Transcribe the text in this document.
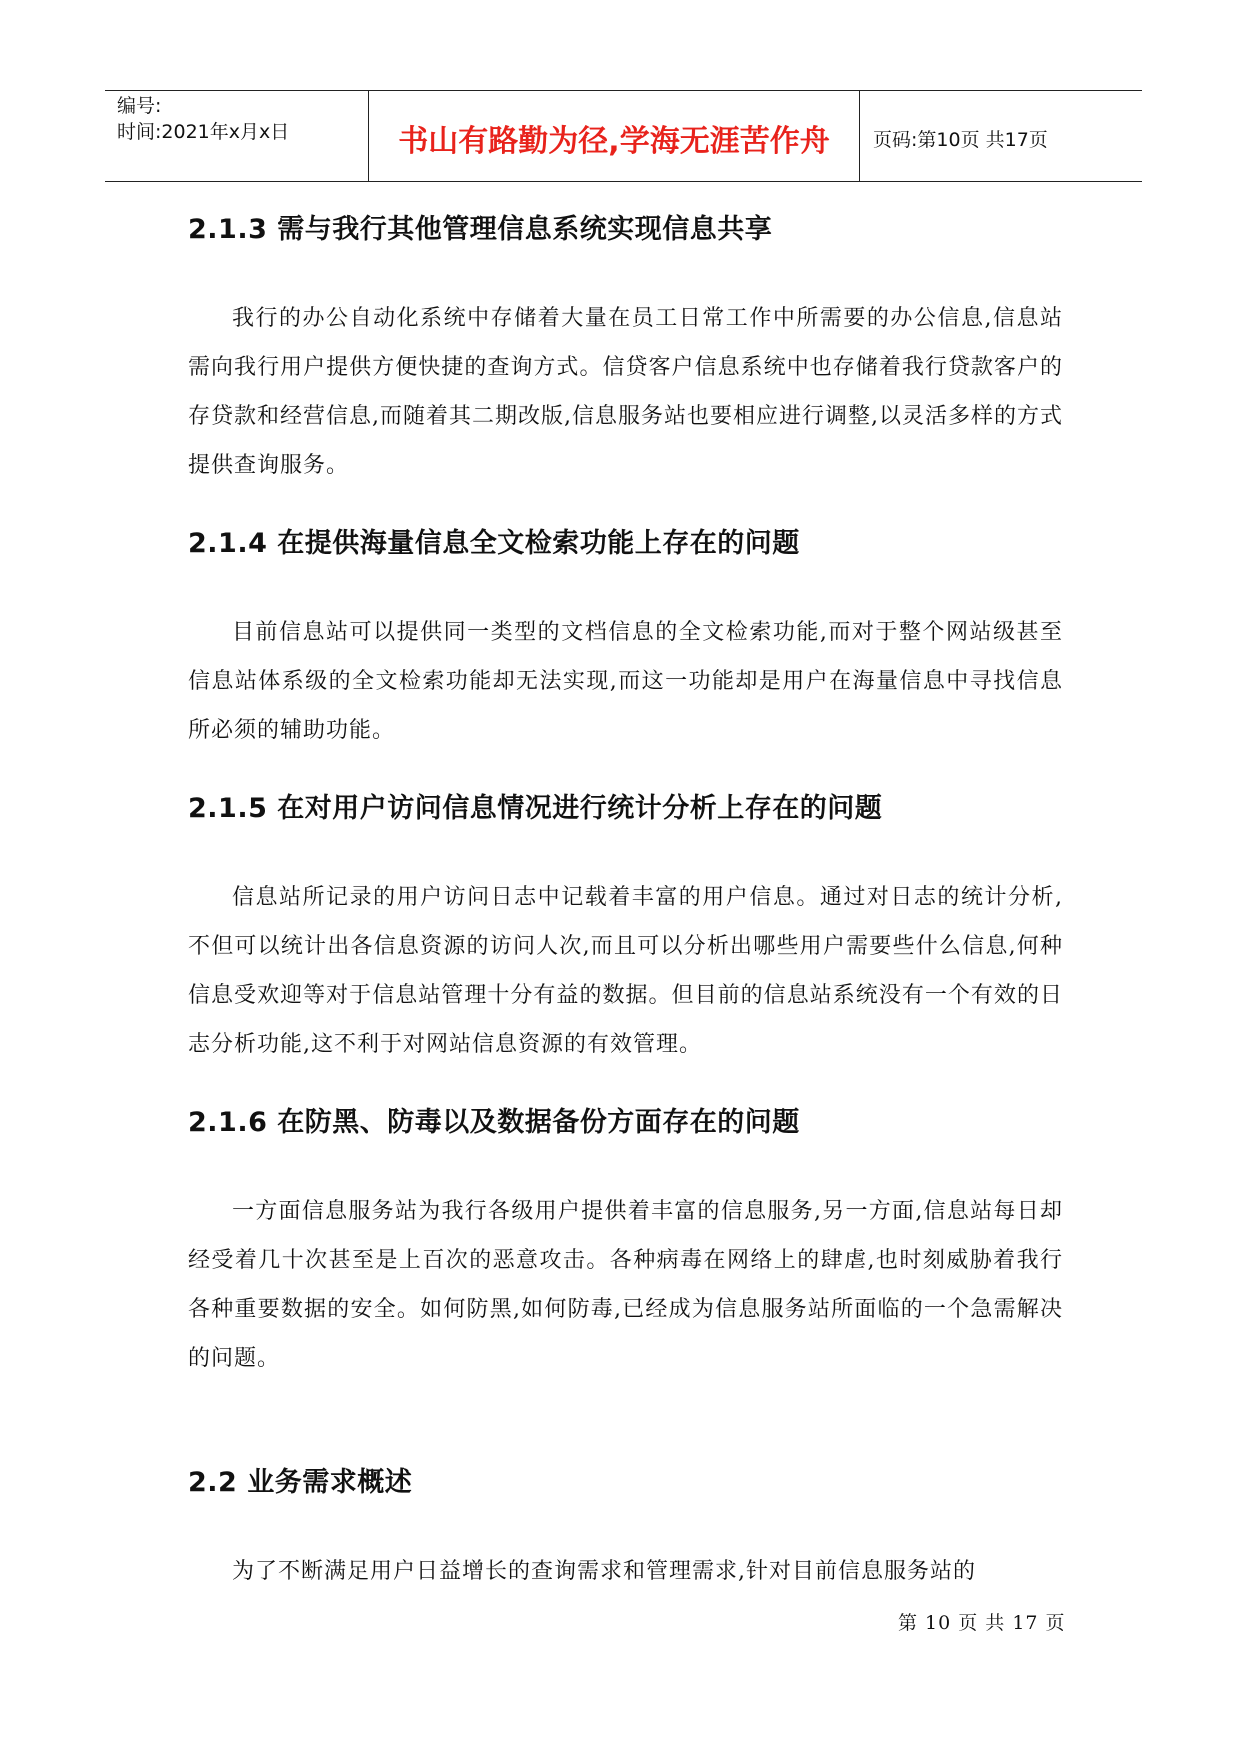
编号:
时间:2021年x月x日	书山有路勤为径,学海无涯苦作舟	页码:第10页 共17页
2.1.3 需与我行其他管理信息系统实现信息共享

我行的办公自动化系统中存储着大量在员工日常工作中所需要的办公信息,信息站需向我行用户提供方便快捷的查询方式。信贷客户信息系统中也存储着我行贷款客户的存贷款和经营信息,而随着其二期改版,信息服务站也要相应进行调整,以灵活多样的方式提供查询服务。

2.1.4 在提供海量信息全文检索功能上存在的问题

目前信息站可以提供同一类型的文档信息的全文检索功能,而对于整个网站级甚至信息站体系级的全文检索功能却无法实现,而这一功能却是用户在海量信息中寻找信息所必须的辅助功能。

2.1.5 在对用户访问信息情况进行统计分析上存在的问题

信息站所记录的用户访问日志中记载着丰富的用户信息。通过对日志的统计分析,不但可以统计出各信息资源的访问人次,而且可以分析出哪些用户需要些什么信息,何种信息受欢迎等对于信息站管理十分有益的数据。但目前的信息站系统没有一个有效的日志分析功能,这不利于对网站信息资源的有效管理。

2.1.6 在防黑、防毒以及数据备份方面存在的问题

一方面信息服务站为我行各级用户提供着丰富的信息服务,另一方面,信息站每日却经受着几十次甚至是上百次的恶意攻击。各种病毒在网络上的肆虐,也时刻威胁着我行各种重要数据的安全。如何防黑,如何防毒,已经成为信息服务站所面临的一个急需解决的问题。

2.2 业务需求概述

为了不断满足用户日益增长的查询需求和管理需求,针对目前信息服务站的

第 10 页 共 17 页
